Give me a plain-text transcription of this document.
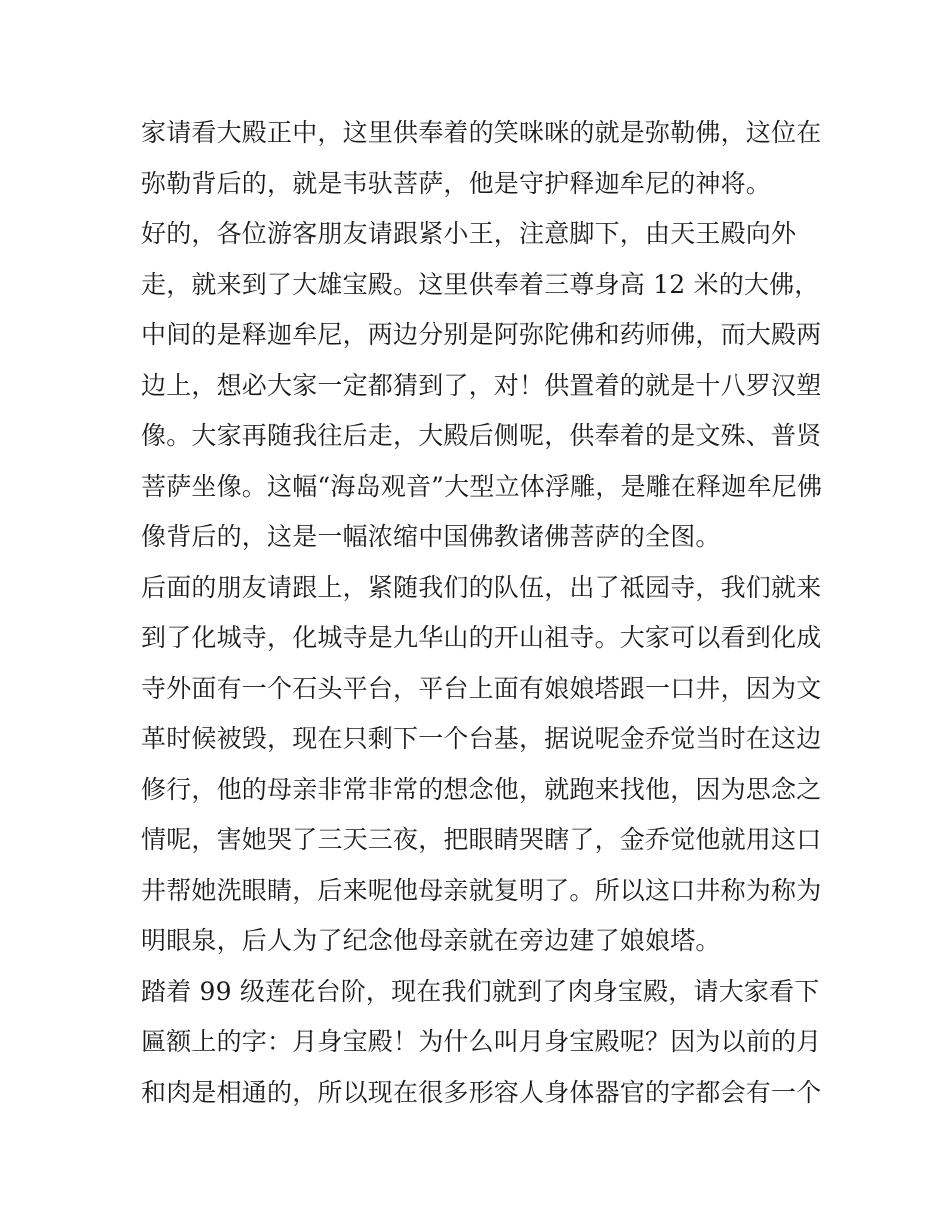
家请看大殿正中，这里供奉着的笑咪咪的就是弥勒佛，这位在
弥勒背后的，就是韦驮菩萨，他是守护释迦牟尼的神将。
好的，各位游客朋友请跟紧小王，注意脚下，由天王殿向外
走，就来到了大雄宝殿。这里供奉着三尊身高 12 米的大佛，
中间的是释迦牟尼，两边分别是阿弥陀佛和药师佛，而大殿两
边上，想必大家一定都猜到了，对！供置着的就是十八罗汉塑
像。大家再随我往后走，大殿后侧呢，供奉着的是文殊、普贤
菩萨坐像。这幅“海岛观音”大型立体浮雕，是雕在释迦牟尼佛
像背后的，这是一幅浓缩中国佛教诸佛菩萨的全图。
后面的朋友请跟上，紧随我们的队伍，出了祗园寺，我们就来
到了化城寺，化城寺是九华山的开山祖寺。大家可以看到化成
寺外面有一个石头平台，平台上面有娘娘塔跟一口井，因为文
革时候被毁，现在只剩下一个台基，据说呢金乔觉当时在这边
修行，他的母亲非常非常的想念他，就跑来找他，因为思念之
情呢，害她哭了三天三夜，把眼睛哭瞎了，金乔觉他就用这口
井帮她洗眼睛，后来呢他母亲就复明了。所以这口井称为称为
明眼泉，后人为了纪念他母亲就在旁边建了娘娘塔。
踏着 99 级莲花台阶，现在我们就到了肉身宝殿，请大家看下
匾额上的字：月身宝殿！为什么叫月身宝殿呢？因为以前的月
和肉是相通的，所以现在很多形容人身体器官的字都会有一个
